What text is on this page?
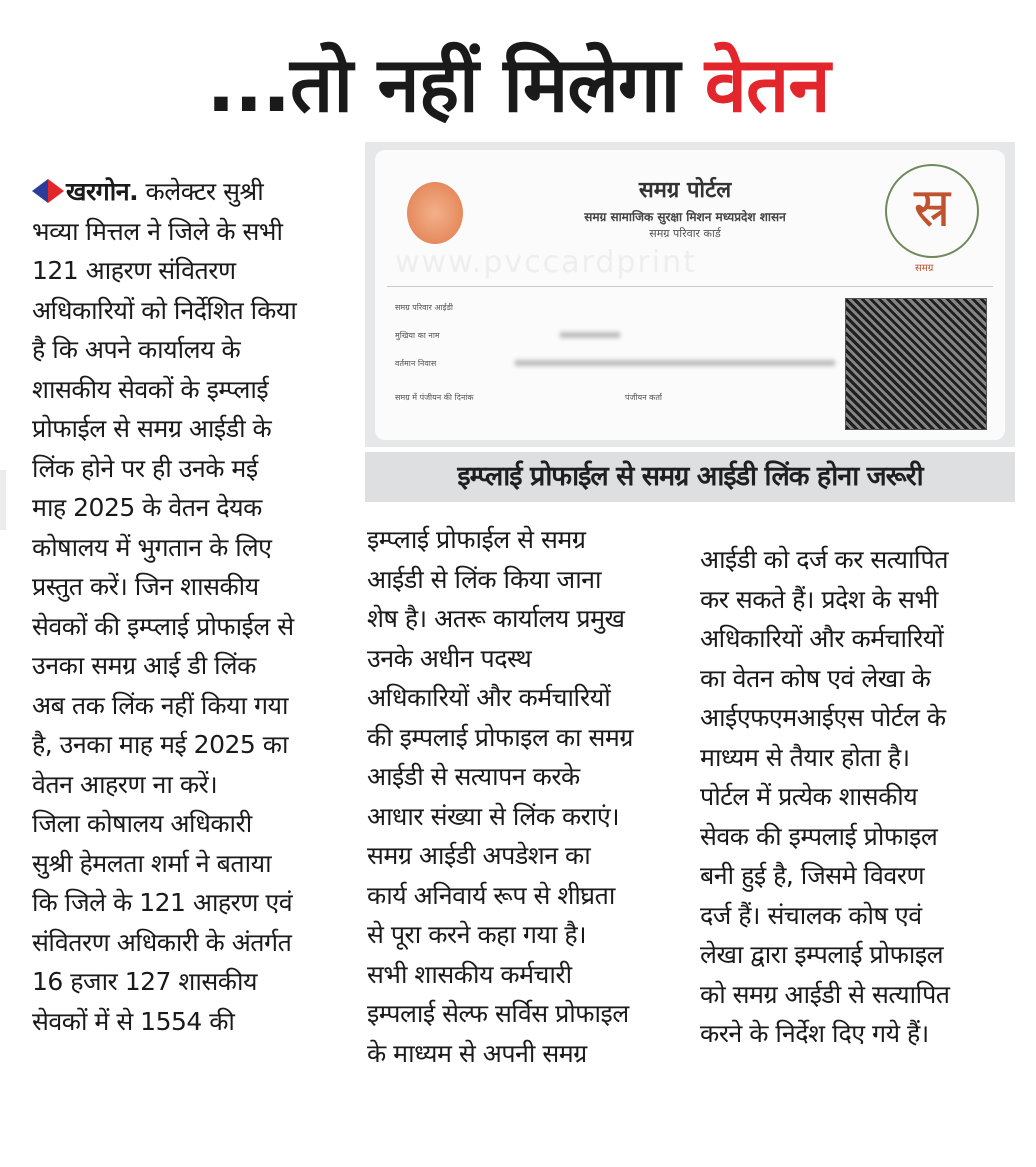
...तो नहीं मिलेगा वेतन
www.pvccardprint
समग्र पोर्टल
समग्र सामाजिक सुरक्षा मिशन मध्यप्रदेश शासन
समग्र परिवार कार्ड	स्र
समग्र
समग्र परिवार आईडी
मुखिया का नाम
वर्तमान निवास
समग्र में पंजीयन की दिनांक	पंजीयन कर्ता
इम्प्लाई प्रोफाईल से समग्र आईडी लिंक होना जरूरी
खरगोन. कलेक्टर सुश्री
भव्या मित्तल ने जिले के सभी
121 आहरण संवितरण
अधिकारियों को निर्देशित किया
है कि अपने कार्यालय के
शासकीय सेवकों के इम्प्लाई
प्रोफाईल से समग्र आईडी के
लिंक होने पर ही उनके मई
माह 2025 के वेतन देयक
कोषालय में भुगतान के लिए
प्रस्तुत करें। जिन शासकीय
सेवकों की इम्प्लाई प्रोफाईल से
उनका समग्र आई डी लिंक
अब तक लिंक नहीं किया गया
है, उनका माह मई 2025 का
वेतन आहरण ना करें।
जिला कोषालय अधिकारी
सुश्री हेमलता शर्मा ने बताया
कि जिले के 121 आहरण एवं
संवितरण अधिकारी के अंतर्गत
16 हजार 127 शासकीय
सेवकों में से 1554 की
इम्प्लाई प्रोफाईल से समग्र
आईडी से लिंक किया जाना
शेष है। अतरू कार्यालय प्रमुख
उनके अधीन पदस्थ
अधिकारियों और कर्मचारियों
की इम्पलाई प्रोफाइल का समग्र
आईडी से सत्यापन करके
आधार संख्या से लिंक कराएं।
समग्र आईडी अपडेशन का
कार्य अनिवार्य रूप से शीघ्रता
से पूरा करने कहा गया है।
सभी शासकीय कर्मचारी
इम्पलाई सेल्फ सर्विस प्रोफाइल
के माध्यम से अपनी समग्र
आईडी को दर्ज कर सत्यापित
कर सकते हैं। प्रदेश के सभी
अधिकारियों और कर्मचारियों
का वेतन कोष एवं लेखा के
आईएफएमआईएस पोर्टल के
माध्यम से तैयार होता है।
पोर्टल में प्रत्येक शासकीय
सेवक की इम्पलाई प्रोफाइल
बनी हुई है, जिसमे विवरण
दर्ज हैं। संचालक कोष एवं
लेखा द्वारा इम्पलाई प्रोफाइल
को समग्र आईडी से सत्यापित
करने के निर्देश दिए गये हैं।
